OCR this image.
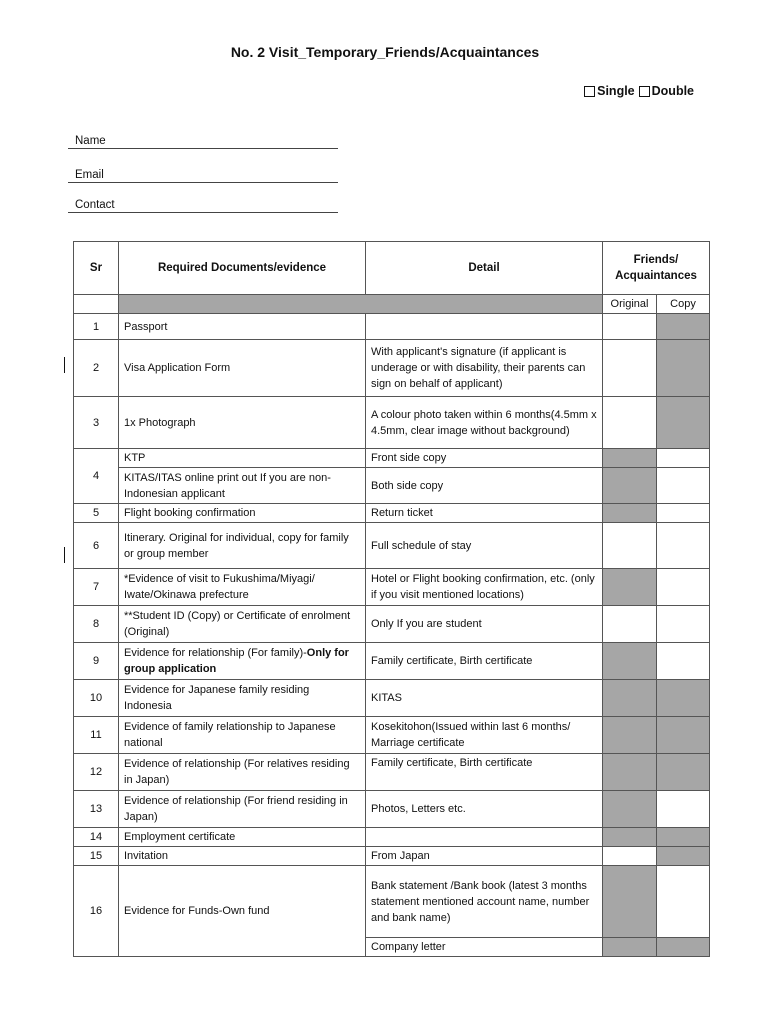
No. 2 Visit_Temporary_Friends/Acquaintances
Single Double
Name
Email
Contact
Sr	Required Documents/evidence	Detail	Friends/ Acquaintances	
			Original	Copy
1	Passport			
2	Visa Application Form	With applicant's signature (if applicant is underage or with disability, their parents can sign on behalf of applicant)		
3	1x Photograph	A colour photo taken within 6 months(4.5mm x 4.5mm, clear image without background)		
4	KTP	Front side copy		
	KITAS/ITAS online print out If you are non-Indonesian applicant	Both side copy		
5	Flight booking confirmation	Return ticket		
6	Itinerary. Original for individual, copy for family or group member	Full schedule of stay		
7	*Evidence of visit to Fukushima/Miyagi/ Iwate/Okinawa prefecture	Hotel or Flight booking confirmation, etc. (only if you visit mentioned locations)		
8	**Student ID (Copy) or Certificate of enrolment (Original)	Only If you are student		
9	Evidence for relationship (For family)-Only for group application	Family certificate, Birth certificate		
10	Evidence for Japanese family residing Indonesia	KITAS		
11	Evidence of family relationship to Japanese national	Kosekitohon(Issued within last 6 months/ Marriage certificate		
12	Evidence of relationship (For relatives residing in Japan)	Family certificate, Birth certificate		
13	Evidence of relationship (For friend residing in Japan)	Photos, Letters etc.		
14	Employment certificate			
15	Invitation	From Japan		
16	Evidence for Funds-Own fund	Bank statement /Bank book (latest 3 months statement mentioned account name, number and bank name)		
		Company letter		
